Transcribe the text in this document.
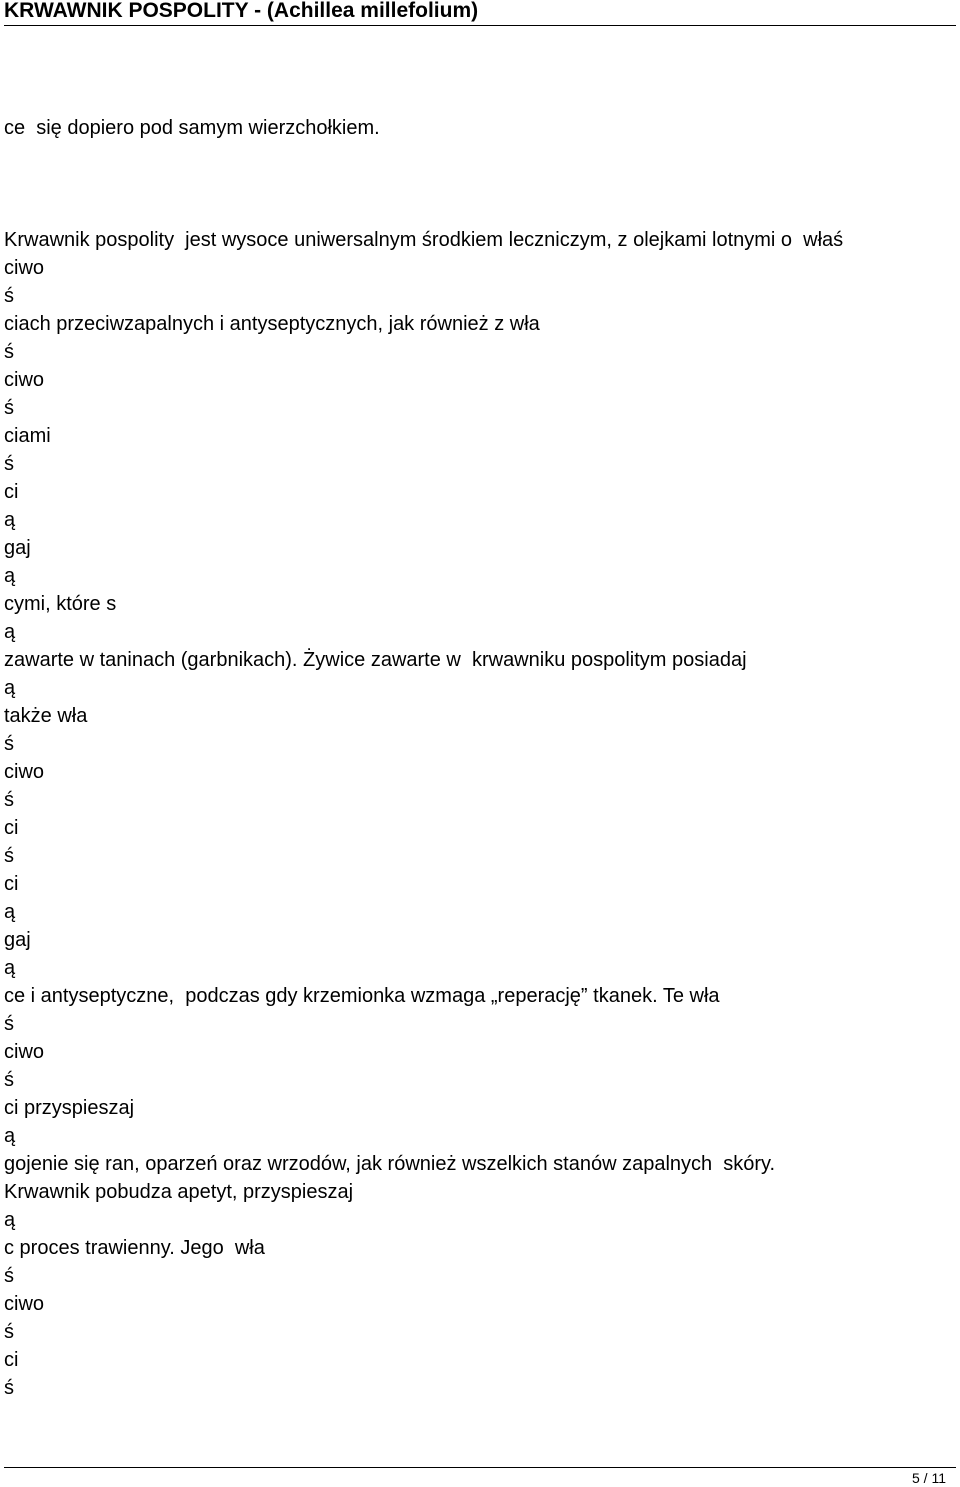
KRWAWNIK POSPOLITY - (Achillea millefolium)

ce  się dopiero pod samym wierzchołkiem.

Krwawnik pospolity  jest wysoce uniwersalnym środkiem leczniczym, z olejkami lotnymi o  właś

ciwo

ś

ciach przeciwzapalnych i antyseptycznych, jak również z wła

ś

ciwo

ś

ciami

ś

ci

ą

gaj

ą

cymi, które s

ą

zawarte w taninach (garbnikach). Żywice zawarte w  krwawniku pospolitym posiadaj

ą

także wła

ś

ciwo

ś

ci

ś

ci

ą

gaj

ą

ce i antyseptyczne,  podczas gdy krzemionka wzmaga „reperację” tkanek. Te wła

ś

ciwo

ś

ci przyspieszaj

ą

gojenie się ran, oparzeń oraz wrzodów, jak również wszelkich stanów zapalnych  skóry.

Krwawnik pobudza apetyt, przyspieszaj

ą

c proces trawienny. Jego  wła

ś

ciwo

ś

ci

ś

5 / 11
